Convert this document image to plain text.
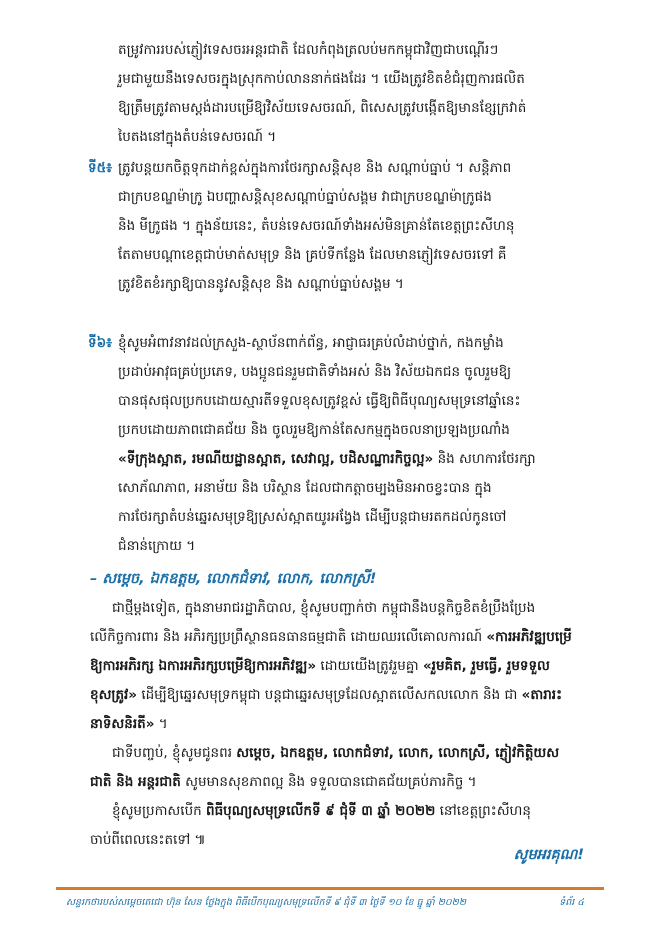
តម្រូវការរបស់ភ្ញៀវទេសចរអន្តរជាតិ ដែលកំពុងត្រលប់មកកម្ពុជាវិញជាបណ្ដើរៗ
រួមជាមួយនឹងទេសចរក្នុងស្រុកកាប់លាននាក់ផងដែរ ។ យើងត្រូវខិតខំជំរុញការផលិត
ឱ្យត្រឹមត្រូវតាមស្តង់ដារបម្រើឱ្យវិស័យទេសចរណ៍, ពិសេសត្រូវបង្កើតឱ្យមានខ្សែក្រវាត់
បៃតងនៅក្នុងតំបន់ទេសចរណ៍ ។

ទី៥៖ ត្រូវបន្តយកចិត្តទុកដាក់ខ្ពស់ក្នុងការថែរក្សាសន្តិសុខ និង សណ្តាប់ធ្នាប់ ។ សន្តិភាព
ជាក្របខណ្ឌម៉ាក្រូ ឯបញ្ហាសន្តិសុខសណ្តាប់ធ្នាប់សង្គម វាជាក្របខណ្ឌម៉ាក្រូផង
និង មីក្រូផង ។ ក្នុងន័យនេះ, តំបន់ទេសចរណ៍ទាំងអស់មិនគ្រាន់តែខេត្តព្រះសីហនុ
តែតាមបណ្តាខេត្តជាប់មាត់សមុទ្រ និង គ្រប់ទីកន្លែង ដែលមានភ្ញៀវទេសចរទៅ គឺ
ត្រូវខិតខំរក្សាឱ្យបាននូវសន្តិសុខ និង សណ្តាប់ធ្នាប់សង្គម ។

ទី៦៖ ខ្ញុំសូមអំពាវនាវដល់ក្រសួង-ស្ថាប័នពាក់ព័ន្ធ, អាជ្ញាធរគ្រប់លំដាប់ថ្នាក់, កងកម្លាំង
ប្រដាប់អាវុធគ្រប់ប្រភេទ, បងប្អូនជនរួមជាតិទាំងអស់ និង វិស័យឯកជន ចូលរួមឱ្យ
បានផុសផុលប្រកបដោយស្មារតីទទួលខុសត្រូវខ្ពស់ ធ្វើឱ្យពិធីបុណ្យសមុទ្រនៅឆ្នាំនេះ
ប្រកបដោយភាពជោគជ័យ និង ចូលរួមឱ្យកាន់តែសកម្មក្នុងចលនាប្រឡងប្រណាំង
«ទីក្រុងស្អាត, រមណីយដ្ឋានស្អាត, សេវាល្អ, បដិសណ្ឋារកិច្ចល្អ» និង សហការថែរក្សា
សោភ័ណភាព, អនាម័យ និង បរិស្ថាន ដែលជាកត្តាចម្បងមិនអាចខ្វះបាន ក្នុង
ការថែរក្សាតំបន់ឆ្នេរសមុទ្រឱ្យស្រស់ស្អាតយូរអង្វែង ដើម្បីបន្តជាមរតកដល់កូនចៅ
ជំនាន់ក្រោយ ។

– សម្តេច, ឯកឧត្តម, លោកជំទាវ, លោក, លោកស្រី!

ជាថ្មីម្តងទៀត, ក្នុងនាមរាជរដ្ឋាភិបាល, ខ្ញុំសូមបញ្ជាក់ថា កម្ពុជានឹងបន្តកិច្ចខិតខំប្រឹងប្រែង
លើកិច្ចការពារ និង អភិរក្សប្រព្រឹស្ថានធនធានធម្មជាតិ ដោយឈរលើគោលការណ៍ «ការអភិវឌ្ឍបម្រើ
ឱ្យការអភិរក្ស ឯការអភិរក្សបម្រើឱ្យការអភិវឌ្ឍ» ដោយយើងត្រូវរួមគ្នា «រួមគិត, រួមធ្វើ, រួមទទួល
ខុសត្រូវ» ដើម្បីឱ្យឆ្នេរសមុទ្រកម្ពុជា បន្តជាឆ្នេរសមុទ្រដែលស្អាតលើសកលលោក និង ជា «តារារះ
នាទិសនិរតី» ។

ជាទីបញ្ចប់, ខ្ញុំសូមជូនពរ សម្តេច, ឯកឧត្តម, លោកជំទាវ, លោក, លោកស្រី, ភ្ញៀវកិត្តិយស
ជាតិ និង អន្តរជាតិ សូមមានសុខភាពល្អ និង ទទួលបានជោគជ័យគ្រប់ភារកិច្ច ។

ខ្ញុំសូមប្រកាសបើក ពិធីបុណ្យសមុទ្រលើកទី ៩ ជុំទី ៣ ឆ្នាំ ២០២២ នៅខេត្តព្រះសីហនុ
ចាប់ពីពេលនេះតទៅ ៕

សូមអរគុណ!
សន្ទរកថារបស់សម្តេចតេជោ ហ៊ុន សែន ថ្លែងក្នុង ពិធីបើកបុណ្យសមុទ្រលើកទី ៩ ជុំទី ៣ ថ្ងៃទី ១០ ខែ ធ្នូ ឆ្នាំ ២០២២	ទំព័រ ៤
